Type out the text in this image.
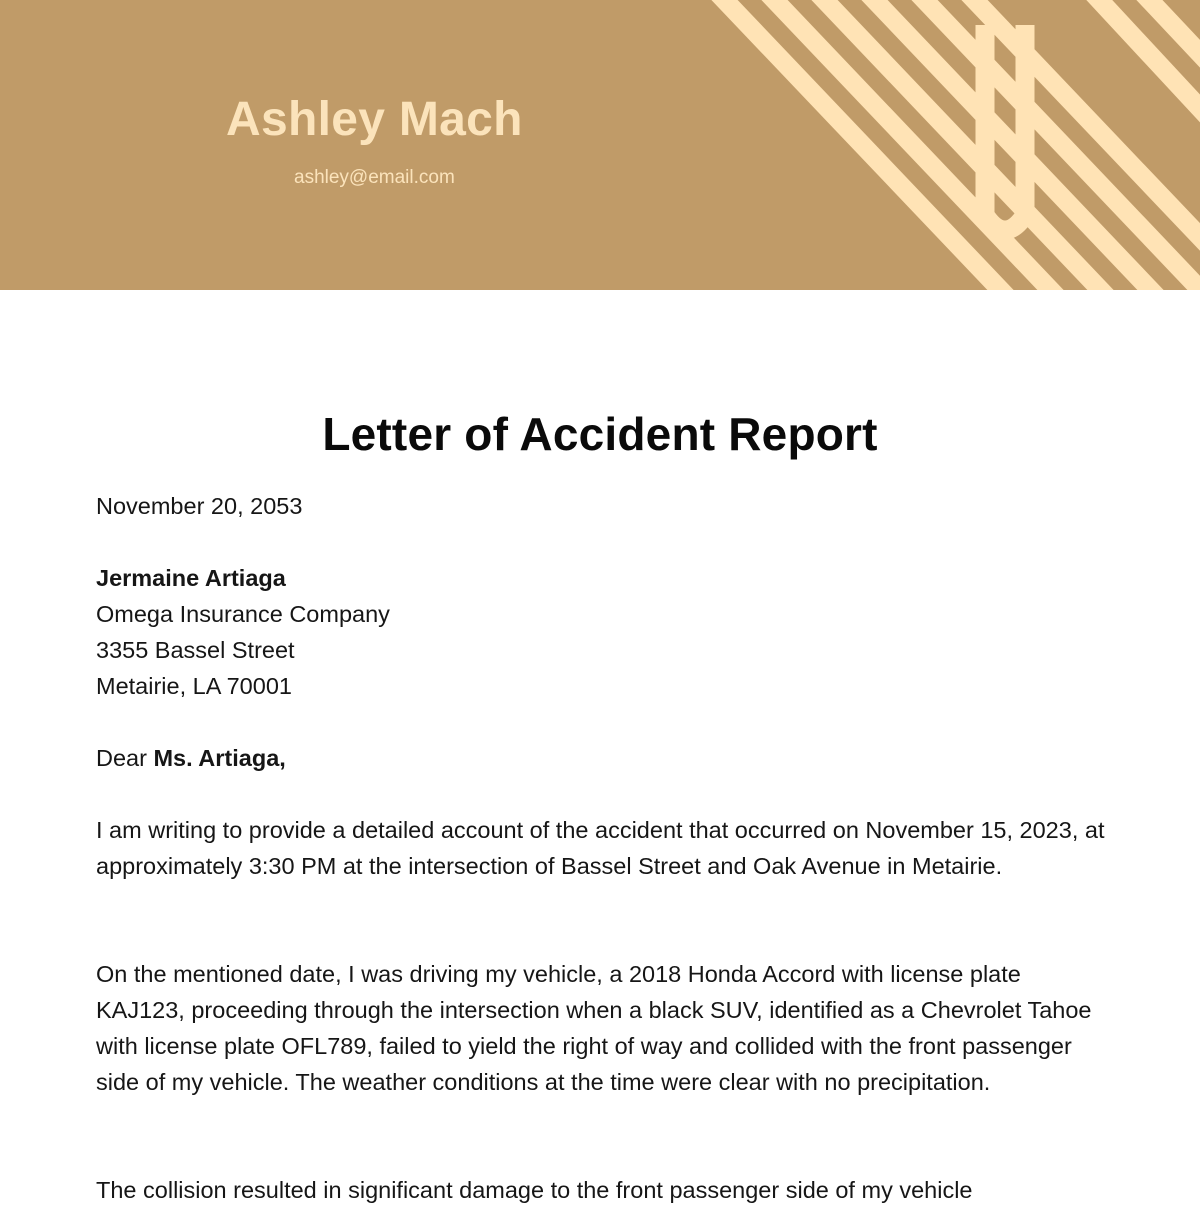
Ashley Mach
ashley@email.com
Letter of Accident Report
November 20, 2053
Jermaine Artiaga
Omega Insurance Company
3355 Bassel Street
Metairie, LA 70001
Dear Ms. Artiaga,

I am writing to provide a detailed account of the accident that occurred on November 15, 2023, at approximately 3:30 PM at the intersection of Bassel Street and Oak Avenue in Metairie.

On the mentioned date, I was driving my vehicle, a 2018 Honda Accord with license plate KAJ123, proceeding through the intersection when a black SUV, identified as a Chevrolet Tahoe with license plate OFL789, failed to yield the right of way and collided with the front passenger side of my vehicle. The weather conditions at the time were clear with no precipitation.

The collision resulted in significant damage to the front passenger side of my vehicle
